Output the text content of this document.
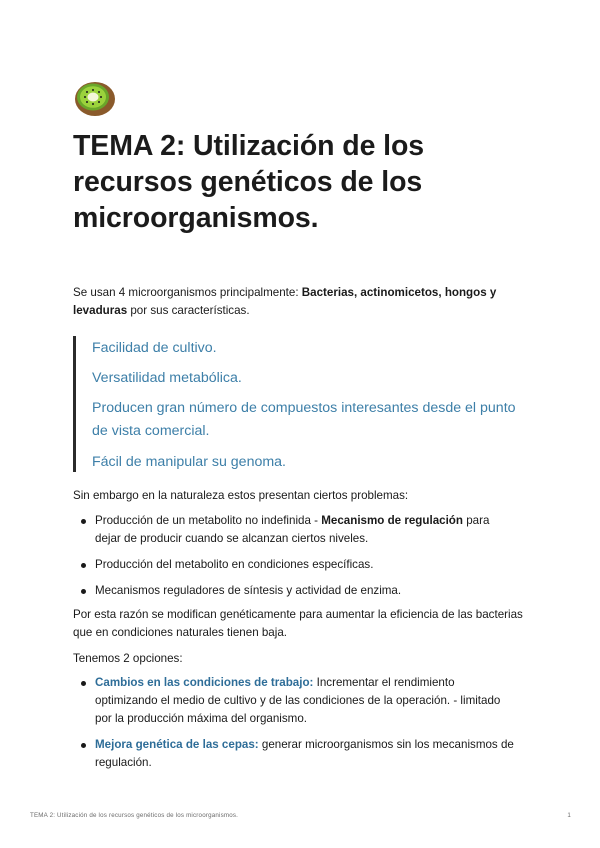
TEMA 2: Utilización de los recursos genéticos de los microorganismos.

Se usan 4 microorganismos principalmente: Bacterias, actinomicetos, hongos y levaduras por sus características.

Facilidad de cultivo.

Versatilidad metabólica.

Producen gran número de compuestos interesantes desde el punto de vista comercial.

Fácil de manipular su genoma.

Sin embargo en la naturaleza estos presentan ciertos problemas:

Producción de un metabolito no indefinida - Mecanismo de regulación para dejar de producir cuando se alcanzan ciertos niveles.
Producción del metabolito en condiciones específicas.
Mecanismos reguladores de síntesis y actividad de enzima.

Por esta razón se modifican genéticamente para aumentar la eficiencia de las bacterias que en condiciones naturales tienen baja.

Tenemos 2 opciones:

Cambios en las condiciones de trabajo: Incrementar el rendimiento optimizando el medio de cultivo y de las condiciones de la operación. - limitado por la producción máxima del organismo.
Mejora genética de las cepas: generar microorganismos sin los mecanismos de regulación.
TEMA 2: Utilización de los recursos genéticos de los microorganismos.	1
